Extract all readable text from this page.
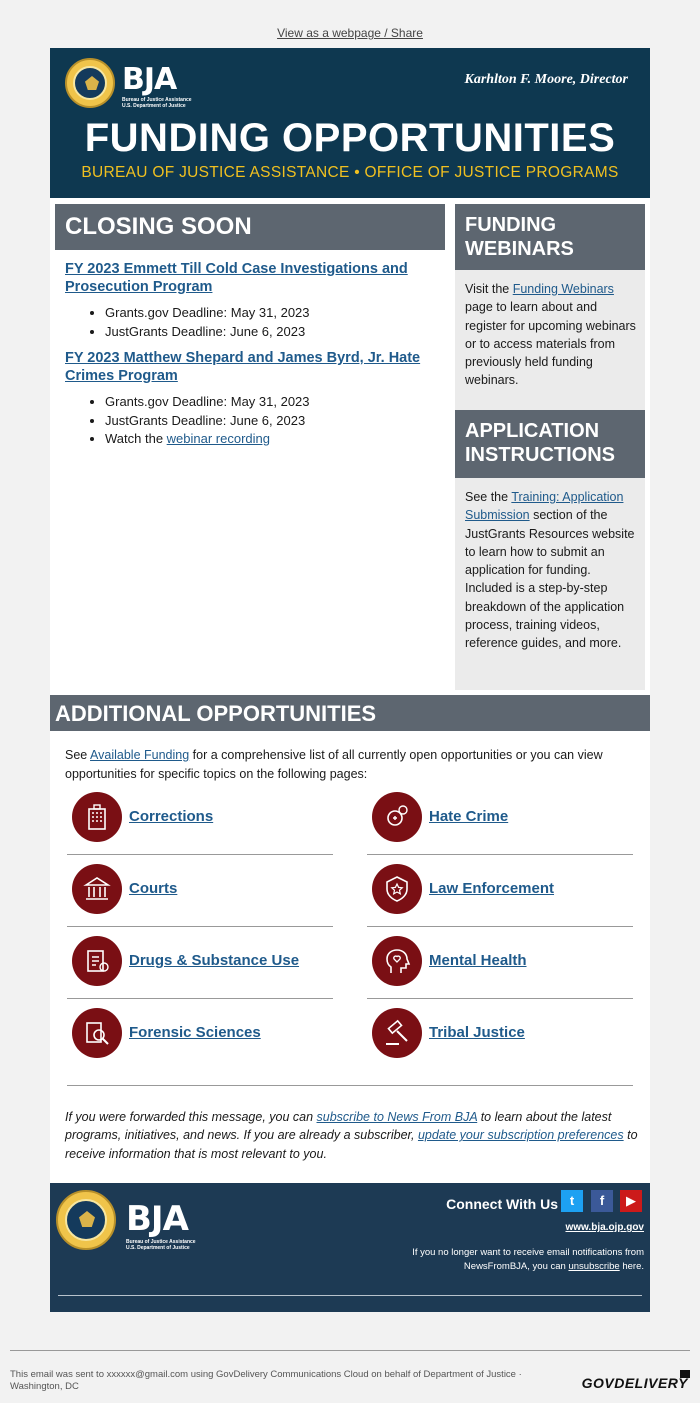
View as a webpage / Share
BJA
Bureau of Justice Assistance
U.S. Department of Justice
Karhlton F. Moore, Director
FUNDING OPPORTUNITIES
BUREAU OF JUSTICE ASSISTANCE • OFFICE OF JUSTICE PROGRAMS
CLOSING SOON
FY 2023 Emmett Till Cold Case Investigations and Prosecution Program
• Grants.gov Deadline: May 31, 2023
• JustGrants Deadline: June 6, 2023
FY 2023 Matthew Shepard and James Byrd, Jr. Hate Crimes Program
• Grants.gov Deadline: May 31, 2023
• JustGrants Deadline: June 6, 2023
• Watch the webinar recording
FUNDING WEBINARS
Visit the Funding Webinars page to learn about and register for upcoming webinars or to access materials from previously held funding webinars.
APPLICATION INSTRUCTIONS
See the Training: Application Submission section of the JustGrants Resources website to learn how to submit an application for funding. Included is a step-by-step breakdown of the application process, training videos, reference guides, and more.
ADDITIONAL OPPORTUNITIES
See Available Funding for a comprehensive list of all currently open opportunities or you can view opportunities for specific topics on the following pages:
Corrections	Hate Crime
Courts	Law Enforcement
Drugs & Substance Use	Mental Health
Forensic Sciences	Tribal Justice
If you were forwarded this message, you can subscribe to News From BJA to learn about the latest programs, initiatives, and news. If you are already a subscriber, update your subscription preferences to receive information that is most relevant to you.
BJA
Bureau of Justice Assistance
U.S. Department of Justice
Connect With Us t	f	▶
www.bja.ojp.gov
If you no longer want to receive email notifications from NewsFromBJA, you can unsubscribe here.
This email was sent to xxxxxx@gmail.com using GovDelivery Communications Cloud on behalf of Department of Justice · Washington, DC	GOVDELIVERY
